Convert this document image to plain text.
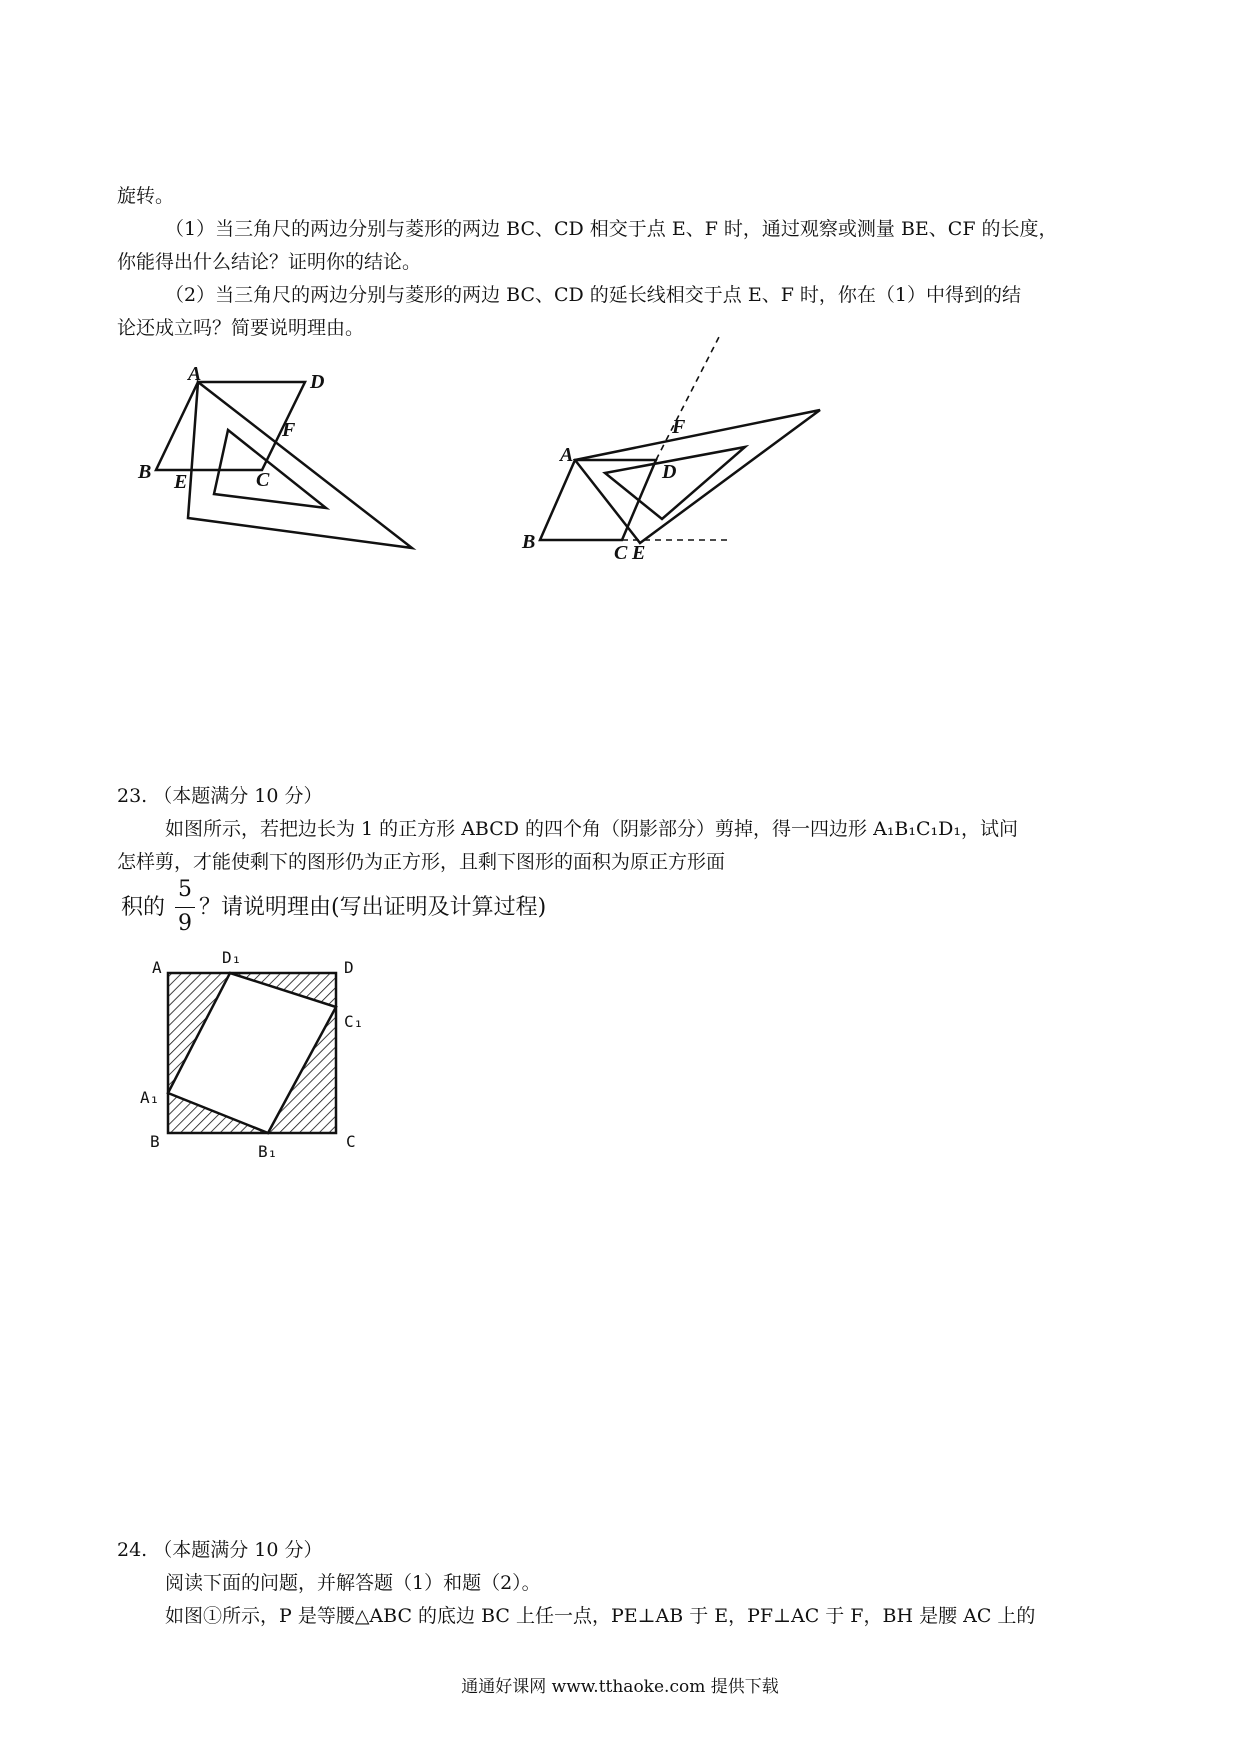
旋转。
（1）当三角尺的两边分别与菱形的两边 BC、CD 相交于点 E、F 时，通过观察或测量 BE、CF 的长度，
你能得出什么结论？证明你的结论。
（2）当三角尺的两边分别与菱形的两边 BC、CD 的延长线相交于点 E、F 时，你在（1）中得到的结
论还成立吗？简要说明理由。
A	D
B	C
E
F
A
D
B	C E
F
23. （本题满分 10 分）
如图所示，若把边长为 1 的正方形 ABCD 的四个角（阴影部分）剪掉，得一四边形 A₁B₁C₁D₁，试问
怎样剪，才能使剩下的图形仍为正方形，且剩下图形的面积为原正方形面
积的
5
9
？请说明理由(写出证明及计算过程)
A
D₁
D
C₁
A₁
B
B₁
C
24. （本题满分 10 分）
阅读下面的问题，并解答题（1）和题（2）。
如图①所示，P 是等腰△ABC 的底边 BC 上任一点，PE⊥AB 于 E，PF⊥AC 于 F，BH 是腰 AC 上的
通通好课网 www.tthaoke.com 提供下载
